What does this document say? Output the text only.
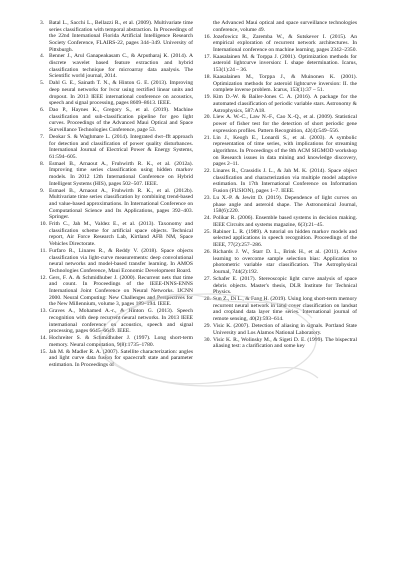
3. Batal L., Sacchi L., Bellazzi R., et al. (2009). Multivariate time series classification with temporal abstraction. In Proceedings of the 22nd International Florida Artificial Intelligence Research Society Conference, FLAIRS-22, pages 344–349. University of Pittsburgh.
4. Benner J., Arul Ganapeakasam C., & Arputharaj K. (2014). A discrete wavelet based feature extraction and hybrid classification technique for microarray data analysis. The Scientific world journal, 2014.
5. Dahl G. E., Sainath T. N., & Hinton G. E. (2013). Improving deep neural networks for lvcsr using rectified linear units and dropout. In 2013 IEEE international conference on acoustics, speech and signal processing, pages 8609–8613. IEEE.
6. Dao P., Haynes K., Gregory S., et al. (2019). Machine classification and sub-classification pipeline for geo light curves. Proceedings of the Advanced Maui Optical and Space Surveillance Technologies Conference, page 53.
7. Deokar S. & Waghmare L. (2014). Integrated dwt–fft approach for detection and classification of power quality disturbances. International Journal of Electrical Power & Energy Systems, 61:594–605.
8. Esmael B., Arnaout A., Fruhwirth R. K., et al. (2012a). Improving time series classification using hidden markov models. In 2012 12th International Conference on Hybrid Intelligent Systems (HIS), pages 502–507. IEEE.
9. Esmael B., Arnaout A., Fruhwirth R. K., et al. (2012b). Multivariate time series classification by combining trend-based and value-based approximations. In International Conference on Computational Science and Its Applications, pages 392–403. Springer.
10. Frith C., Jah M., Valdez E., et al. (2013). Taxonomy and classification scheme for artificial space objects. Technical report, Air Force Research Lab, Kirtland AFB NM, Space Vehicles Directorate.
11. Furfaro R., Linares R., & Reddy V. (2018). Space objects classification via light-curve measurements: deep convolutional neural networks and model-based transfer learning. In AMOS Technologies Conference, Maui Economic Development Board.
12. Gers, F. A. & Schmidhuber J. (2000). Recurrent nets that time and count. In Proceedings of the IEEE-INNS-ENNS International Joint Conference on Neural Networks. IJCNN 2000. Neural Computing: New Challenges and Perspectives for the New Millennium, volume 3, pages 189–194. IEEE.
13. Graves A., Mohamed A.-r., & Hinton G. (2013). Speech recognition with deep recurrent neural networks. In 2013 IEEE international conference on acoustics, speech and signal processing, pages 6645–6649. IEEE.
14. Hochreiter S. & Schmidhuber J. (1997). Long short-term memory. Neural computation, 9(8):1735–1780.
15. Jah M. & Madler R. A. (2007). Satellite characterization: angles and light curve data fusion for spacecraft state and parameter estimation. In Proceedings of
the Advanced Maui optical and space surveillance technologies conference, volume 49.
16. Jozefowicz R., Zaremba W., & Sutskever I. (2015). An empirical exploration of recurrent network architectures. In International conference on machine learning, pages 2342–2350.
17. Kaasalainen M. & Torppa J. (2001). Optimization methods for asteroid lightcurve inversion: I. shape determination. Icarus, 153(1):24 – 36.
18. Kaasalainen M., Torppa J., & Muinonen K. (2001). Optimization methods for asteroid lightcurve inversion: II. the complete inverse problem. Icarus, 153(1):37 – 51.
19. Kim D.-W. & Bailer-Jones C. A. (2016). A package for the automated classification of periodic variable stars. Astronomy & Astrophysics, 587:A18.
20. Liew A. W.-C., Law N.-F., Cao X.-Q., et al. (2009). Statistical power of fisher test for the detection of short periodic gene expression profiles. Pattern Recognition, 42(4):549–556.
21. Lin J., Keogh E., Lonardi S., et al. (2003). A symbolic representation of time series, with implications for streaming algorithms. In Proceedings of the 8th ACM SIGMOD workshop on Research issues in data mining and knowledge discovery, pages 2–11.
22. Linares R., Crassidis J. L., & Jah M. K. (2014). Space object classification and characterization via multiple model adaptive estimation. In 17th International Conference on Information Fusion (FUSION), pages 1–7. IEEE.
23. Lu X.-P. & Jewitt D. (2019). Dependence of light curves on phase angle and asteroid shape. The Astronomical Journal, 158(6):220.
24. Polikar R. (2006). Ensemble based systems in decision making. IEEE Circuits and systems magazine, 6(3):21–45.
25. Rabiner L. R. (1989). A tutorial on hidden markov models and selected applications in speech recognition. Proceedings of the IEEE, 77(2):257–286.
26. Richards J. W., Starr D. L., Brink H., et al. (2011). Active learning to overcome sample selection bias: Application to photometric variable star classification. The Astrophysical Journal, 744(2):192.
27. Schafer E. (2017). Stereoscopic light curve analysis of space debris objects. Master's thesis, DLR Institute for Technical Physics.
28. Sun Z., Di L., & Fang H. (2019). Using long short-term memory recurrent neural network in land cover classification on landsat and cropland data layer time series. International journal of remote sensing, 40(2):593–614.
29. Visic K. (2007). Detection of aliasing in signals. Portland State University and Los Alamos National Laboratory.
30. Visic K. R., Wolinsky M., & Sigeti D. E. (1999). The bispectral aliasing test: a clarification and some key
